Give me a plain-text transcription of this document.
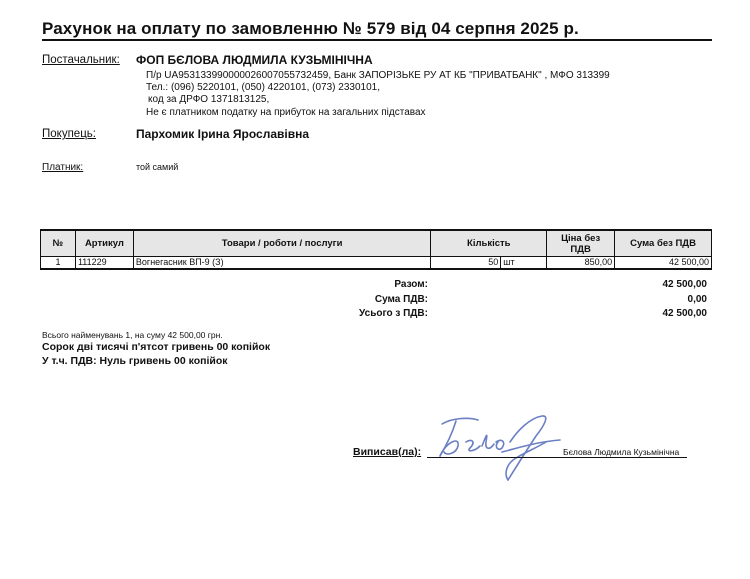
Рахунок на оплату по замовленню № 579 від 04 серпня 2025 р.
Постачальник: ФОП БЄЛОВА ЛЮДМИЛА КУЗЬМІНІЧНА
П/р UA953133990000026007055732459, Банк ЗАПОРІЗЬКЕ РУ АТ КБ "ПРИВАТБАНК" , МФО 313399
Тел.: (096) 5220101, (050) 4220101, (073) 2330101,
код за ДРФО 1371813125,
Не є платником податку на прибуток на загальних підставах
Покупець:	Пархомик Ірина Ярославівна
Платник:	той самий
№	Артикул	Товари / роботи / послуги	Кількість		Ціна без
ПДВ	Сума без ПДВ
1	111229	Вогнегасник ВП-9 (З)	50	шт	850,00	42 500,00
Разом:	42 500,00
Сума ПДВ:	0,00
Усього з ПДВ:	42 500,00
Всього найменувань 1, на суму 42 500,00 грн.
Сорок дві тисячі п'ятсот гривень 00 копійок
У т.ч. ПДВ: Нуль гривень 00 копійок
Виписав(ла):	Бєлова Людмила Кузьмінічна
